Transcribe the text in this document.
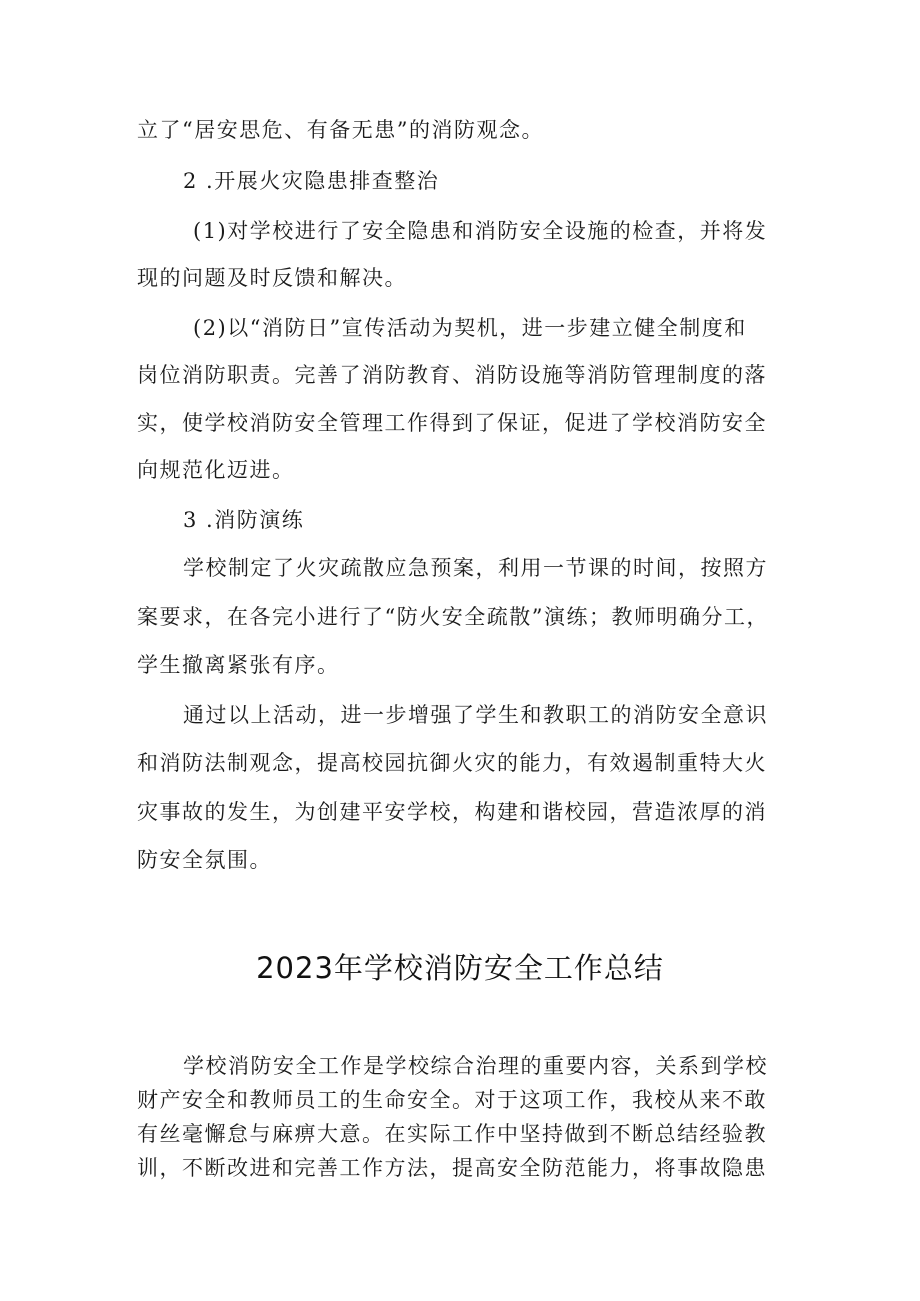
立了“居安思危、有备无患”的消防观念。
2 .开展火灾隐患排查整治
(1)对学校进行了安全隐患和消防安全设施的检查，并将发
现的问题及时反馈和解决。
(2)以“消防日”宣传活动为契机，进一步建立健全制度和
岗位消防职责。完善了消防教育、消防设施等消防管理制度的落
实，使学校消防安全管理工作得到了保证，促进了学校消防安全
向规范化迈进。
3 .消防演练
学校制定了火灾疏散应急预案，利用一节课的时间，按照方
案要求，在各完小进行了“防火安全疏散”演练；教师明确分工，
学生撤离紧张有序。
通过以上活动，进一步增强了学生和教职工的消防安全意识
和消防法制观念，提高校园抗御火灾的能力，有效遏制重特大火
灾事故的发生，为创建平安学校，构建和谐校园，营造浓厚的消
防安全氛围。
2023年学校消防安全工作总结
学校消防安全工作是学校综合治理的重要内容，关系到学校
财产安全和教师员工的生命安全。对于这项工作，我校从来不敢
有丝毫懈怠与麻痹大意。在实际工作中坚持做到不断总结经验教
训，不断改进和完善工作方法，提高安全防范能力，将事故隐患
